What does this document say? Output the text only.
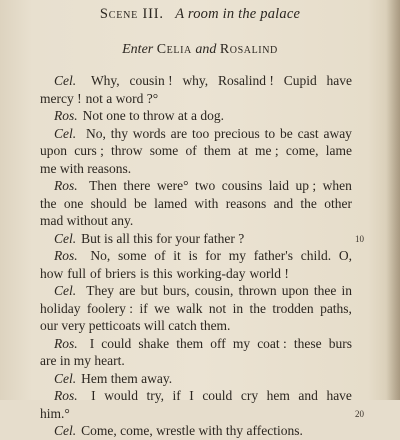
Scene III. A room in the palace
Enter Celia and Rosalind
Cel. Why, cousin ! why, Rosalind ! Cupid have
mercy ! not a word ?°
Ros. Not one to throw at a dog.
Cel. No, thy words are too precious to be cast away
upon curs ; throw some of them at me ; come, lame
me with reasons.
Ros. Then there were° two cousins laid up ; when
the one should be lamed with reasons and the other
mad without any.
Cel. But is all this for your father ?
Ros. No, some of it is for my father's child. O,
how full of briers is this working-day world !
Cel. They are but burs, cousin, thrown upon thee in
holiday foolery : if we walk not in the trodden paths,
our very petticoats will catch them.
Ros. I could shake them off my coat : these burs
are in my heart.
Cel. Hem them away.
Ros. I would try, if I could cry hem and have
him.°
Cel. Come, come, wrestle with thy affections.
10
20
